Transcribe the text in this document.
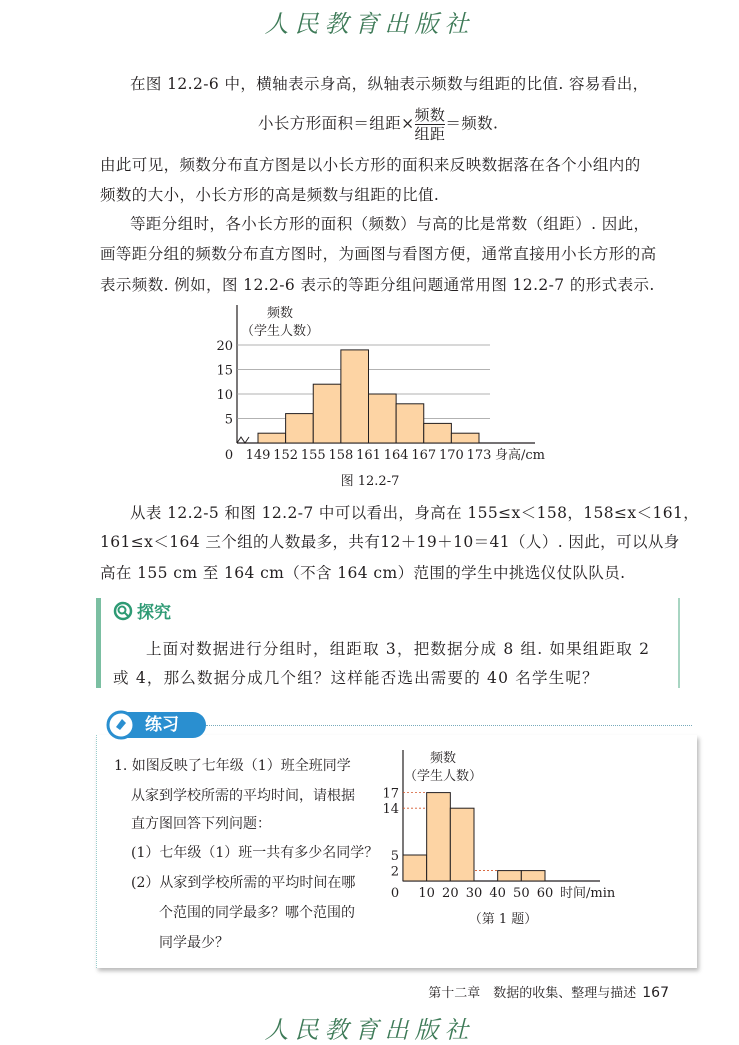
人民教育出版社
在图 12.2-6 中，横轴表示身高，纵轴表示频数与组距的比值. 容易看出，
小长方形面积＝组距× $\frac{\text{频数}}{\text{组距}}$ ＝频数.
由此可见，频数分布直方图是以小长方形的面积来反映数据落在各个小组内的
频数的大小，小长方形的高是频数与组距的比值.
等距分组时，各小长方形的面积（频数）与高的比是常数（组距）. 因此，
画等距分组的频数分布直方图时，为画图与看图方便，通常直接用小长方形的高
表示频数. 例如，图 12.2-6 表示的等距分组问题通常用图 12.2-7 的形式表示.
5
10
15
20
149 152 155 158 161 164 167 170 173
0	身高/cm
频数
（学生人数）
图 12.2-7
从表 12.2-5 和图 12.2-7 中可以看出，身高在 155≤x＜158，158≤x＜161，
161≤x＜164 三个组的人数最多，共有12＋19＋10＝41（人）. 因此，可以从身
高在 155 cm 至 164 cm（不含 164 cm）范围的学生中挑选仪仗队队员.
探究
上面对数据进行分组时，组距取 3，把数据分成 8 组. 如果组距取 2
或 4，那么数据分成几个组？这样能否选出需要的 40 名学生呢？
1. 如图反映了七年级（1）班全班同学
从家到学校所需的平均时间，请根据
直方图回答下列问题：
(1）七年级（1）班一共有多少名同学？
(2）从家到学校所需的平均时间在哪
个范围的同学最多？哪个范围的
同学最少？
练习
2
5
14
17
10 20 30 40 50 60
0	时间/min
频数
（学生人数）
（第 1 题）
第十二章　数据的收集、整理与描述 167
人民教育出版社
